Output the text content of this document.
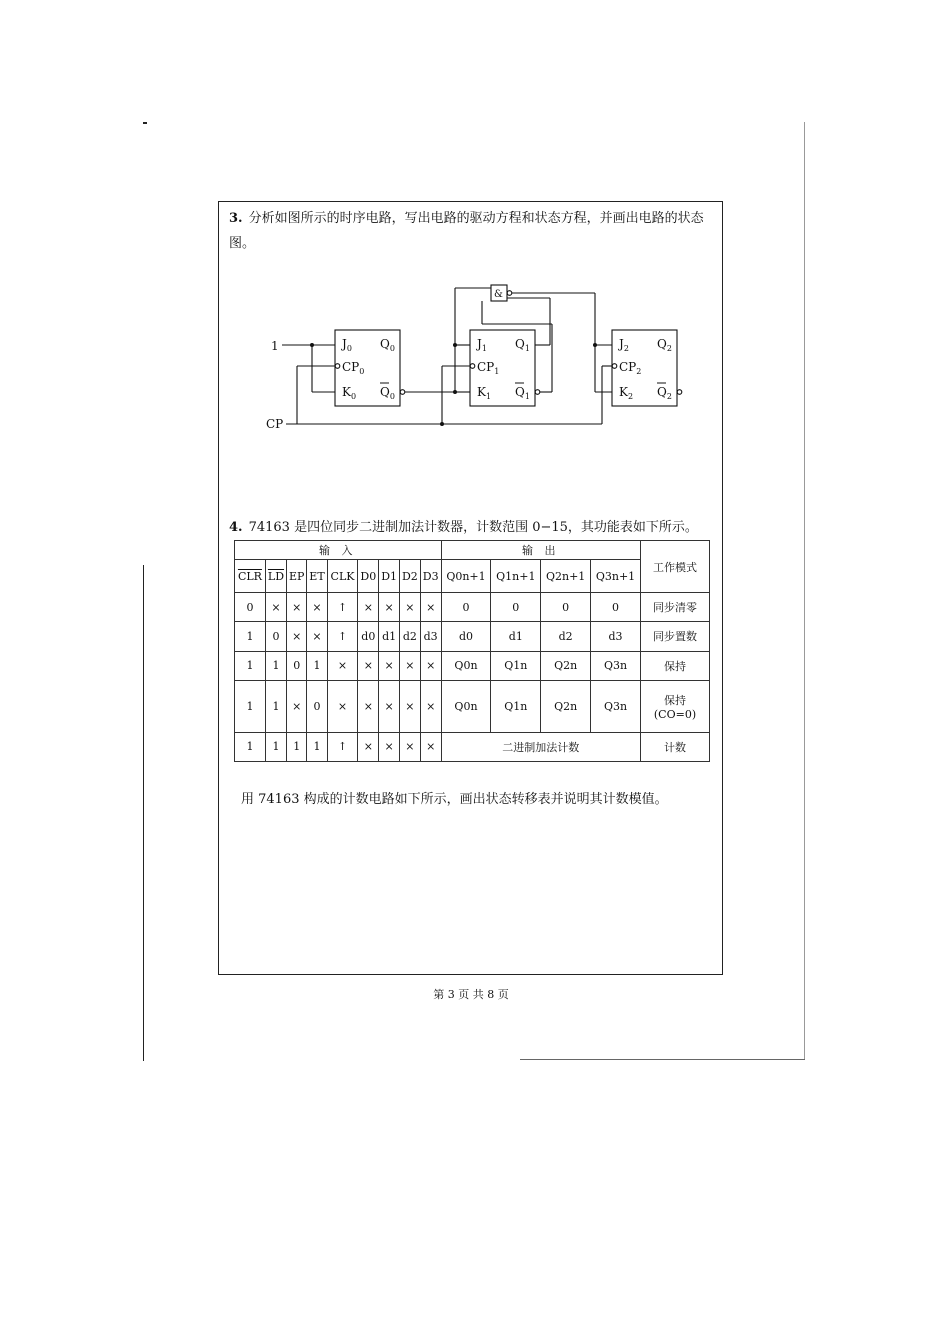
3. 分析如图所示的时序电路，写出电路的驱动方程和状态方程，并画出电路的状态图。
1
CP
&
$J_0$
$CP_0$
$K_0$
$Q_0$
$Q_0$
$J_1$
$CP_1$
$K_1$
$Q_1$
$Q_1$
$J_2$
$CP_2$
$K_2$
$Q_2$
$Q_2$
4. 74163 是四位同步二进制加法计数器，计数范围 0−15，其功能表如下所示。
输 入									输 出				工作模式
$\overline{CLR}$	$\overline{LD}$	EP	ET	CLK	D0	D1	D2	D3	Q0n+1	Q1n+1	Q2n+1	Q3n+1	
0	×	×	×	↑	×	×	×	×	0	0	0	0	同步清零
1	0	×	×	↑	d0	d1	d2	d3	d0	d1	d2	d3	同步置数
1	1	0	1	×	×	×	×	×	Q0n	Q1n	Q2n	Q3n	保持
1	1	×	0	×	×	×	×	×	Q0n	Q1n	Q2n	Q3n	保持
(CO=0)

1	1	1	1	↑	×	×	×	×	二进制加法计数				计数
用 74163 构成的计数电路如下所示，画出状态转移表并说明其计数模值。
第 3 页 共 8 页
